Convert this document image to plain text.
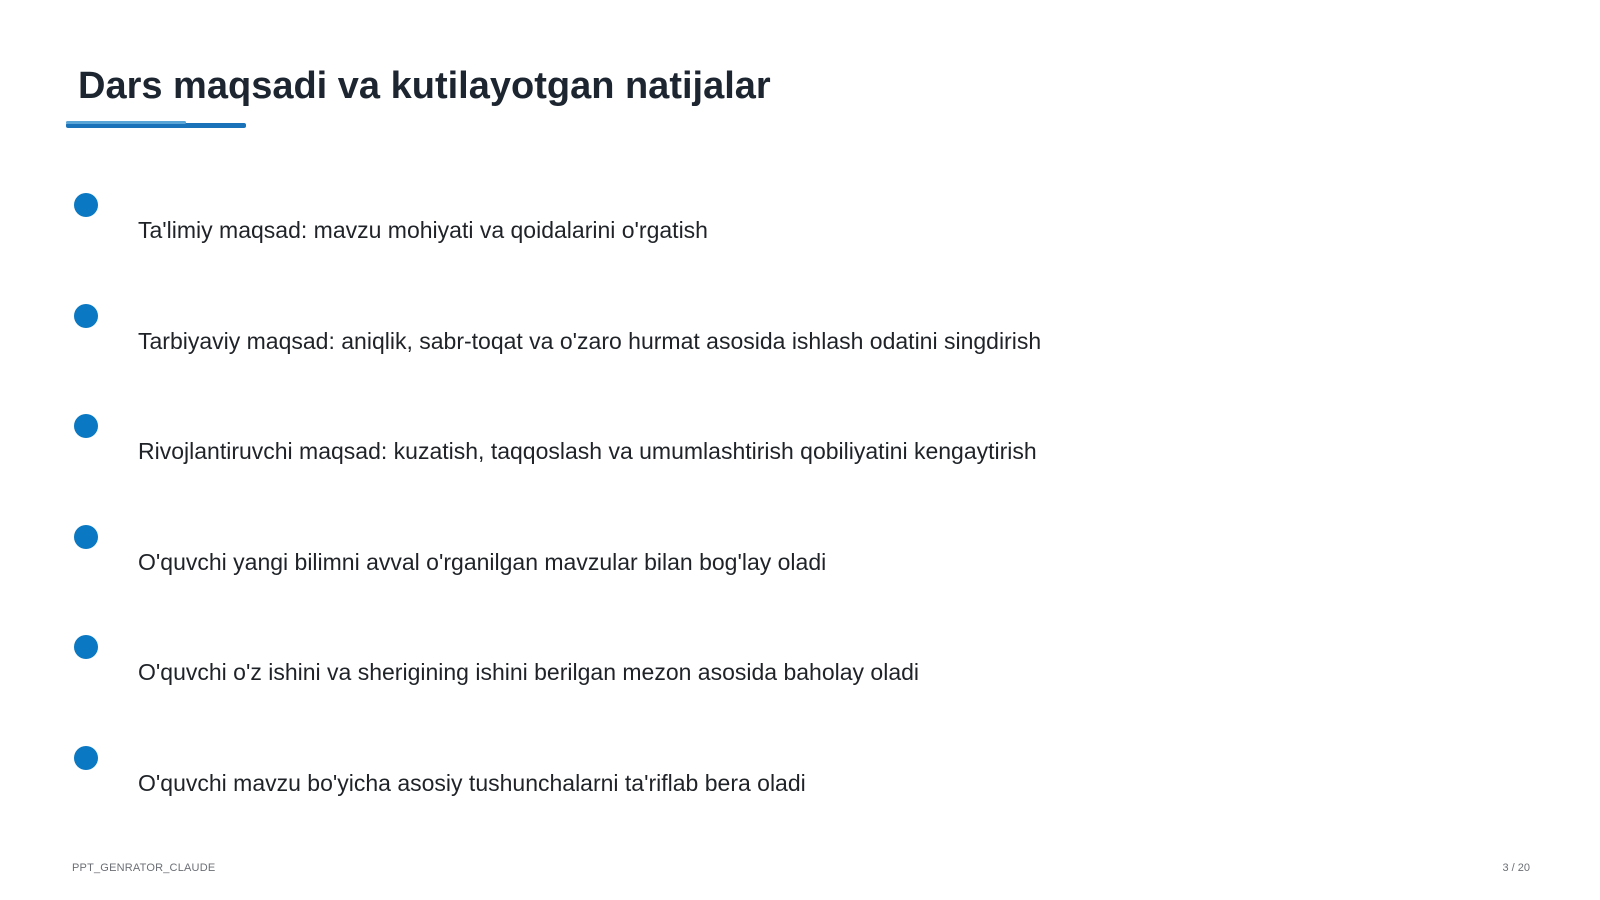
Dars maqsadi va kutilayotgan natijalar
Ta'limiy maqsad: mavzu mohiyati va qoidalarini o'rgatish
Tarbiyaviy maqsad: aniqlik, sabr-toqat va o'zaro hurmat asosida ishlash odatini singdirish
Rivojlantiruvchi maqsad: kuzatish, taqqoslash va umumlashtirish qobiliyatini kengaytirish
O'quvchi yangi bilimni avval o'rganilgan mavzular bilan bog'lay oladi
O'quvchi o'z ishini va sherigining ishini berilgan mezon asosida baholay oladi
O'quvchi mavzu bo'yicha asosiy tushunchalarni ta'riflab bera oladi
PPT_GENRATOR_CLAUDE	3 / 20
